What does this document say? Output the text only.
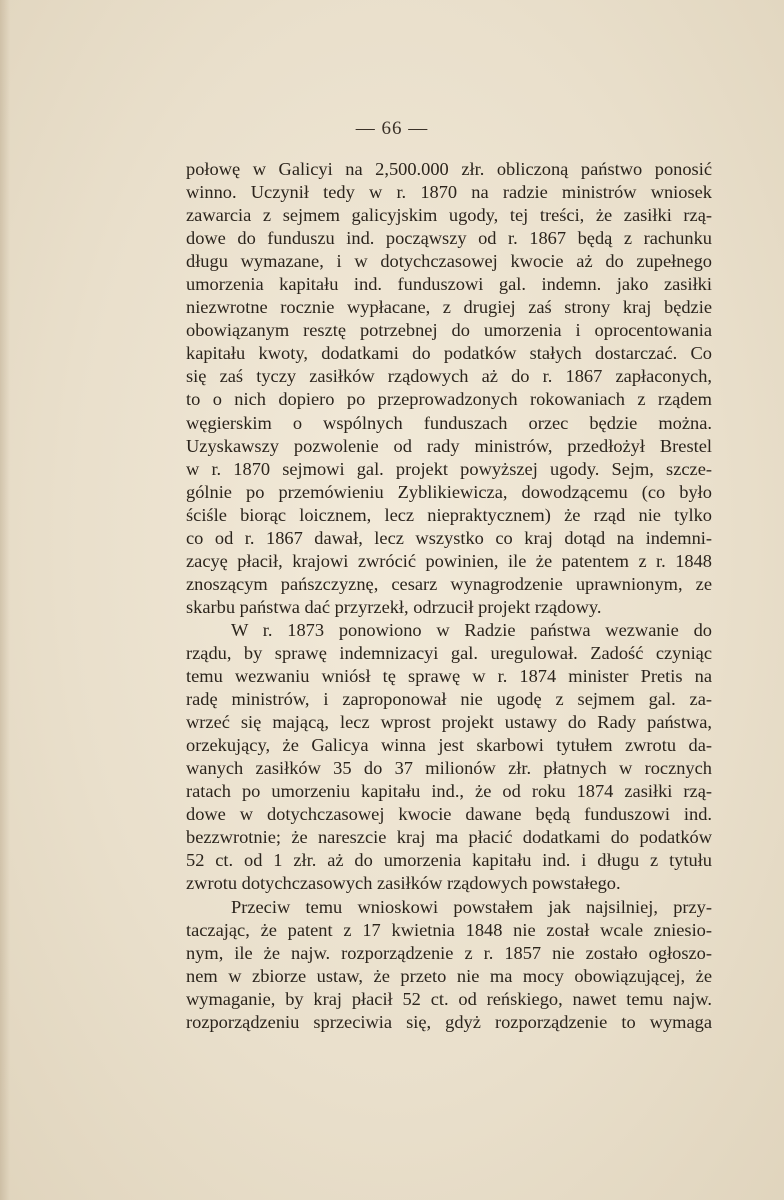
— 66 —
połowę w Galicyi na 2,500.000 złr. obliczoną państwo ponosić
winno. Uczynił tedy w r. 1870 na radzie ministrów wniosek
zawarcia z sejmem galicyjskim ugody, tej treści, że zasiłki rzą-
dowe do funduszu ind. począwszy od r. 1867 będą z rachunku
długu wymazane, i w dotychczasowej kwocie aż do zupełnego
umorzenia kapitału ind. funduszowi gal. indemn. jako zasiłki
niezwrotne rocznie wypłacane, z drugiej zaś strony kraj będzie
obowiązanym resztę potrzebnej do umorzenia i oprocentowania
kapitału kwoty, dodatkami do podatków stałych dostarczać. Co
się zaś tyczy zasiłków rządowych aż do r. 1867 zapłaconych,
to o nich dopiero po przeprowadzonych rokowaniach z rządem
węgierskim o wspólnych funduszach orzec będzie można.
Uzyskawszy pozwolenie od rady ministrów, przedłożył Brestel
w r. 1870 sejmowi gal. projekt powyższej ugody. Sejm, szcze-
gólnie po przemówieniu Zyblikiewicza, dowodzącemu (co było
ściśle biorąc loicznem, lecz niepraktycznem) że rząd nie tylko
co od r. 1867 dawał, lecz wszystko co kraj dotąd na indemni-
zacyę płacił, krajowi zwrócić powinien, ile że patentem z r. 1848
znoszącym pańszczyznę, cesarz wynagrodzenie uprawnionym, ze
skarbu państwa dać przyrzekł, odrzucił projekt rządowy.
W r. 1873 ponowiono w Radzie państwa wezwanie do
rządu, by sprawę indemnizacyi gal. uregulował. Zadość czyniąc
temu wezwaniu wniósł tę sprawę w r. 1874 minister Pretis na
radę ministrów, i zaproponował nie ugodę z sejmem gal. za-
wrzeć się mającą, lecz wprost projekt ustawy do Rady państwa,
orzekujący, że Galicya winna jest skarbowi tytułem zwrotu da-
wanych zasiłków 35 do 37 milionów złr. płatnych w rocznych
ratach po umorzeniu kapitału ind., że od roku 1874 zasiłki rzą-
dowe w dotychczasowej kwocie dawane będą funduszowi ind.
bezzwrotnie; że nareszcie kraj ma płacić dodatkami do podatków
52 ct. od 1 złr. aż do umorzenia kapitału ind. i długu z tytułu
zwrotu dotychczasowych zasiłków rządowych powstałego.
Przeciw temu wnioskowi powstałem jak najsilniej, przy-
taczając, że patent z 17 kwietnia 1848 nie został wcale zniesio-
nym, ile że najw. rozporządzenie z r. 1857 nie zostało ogłoszo-
nem w zbiorze ustaw, że przeto nie ma mocy obowiązującej, że
wymaganie, by kraj płacił 52 ct. od reńskiego, nawet temu najw.
rozporządzeniu sprzeciwia się, gdyż rozporządzenie to wymaga
